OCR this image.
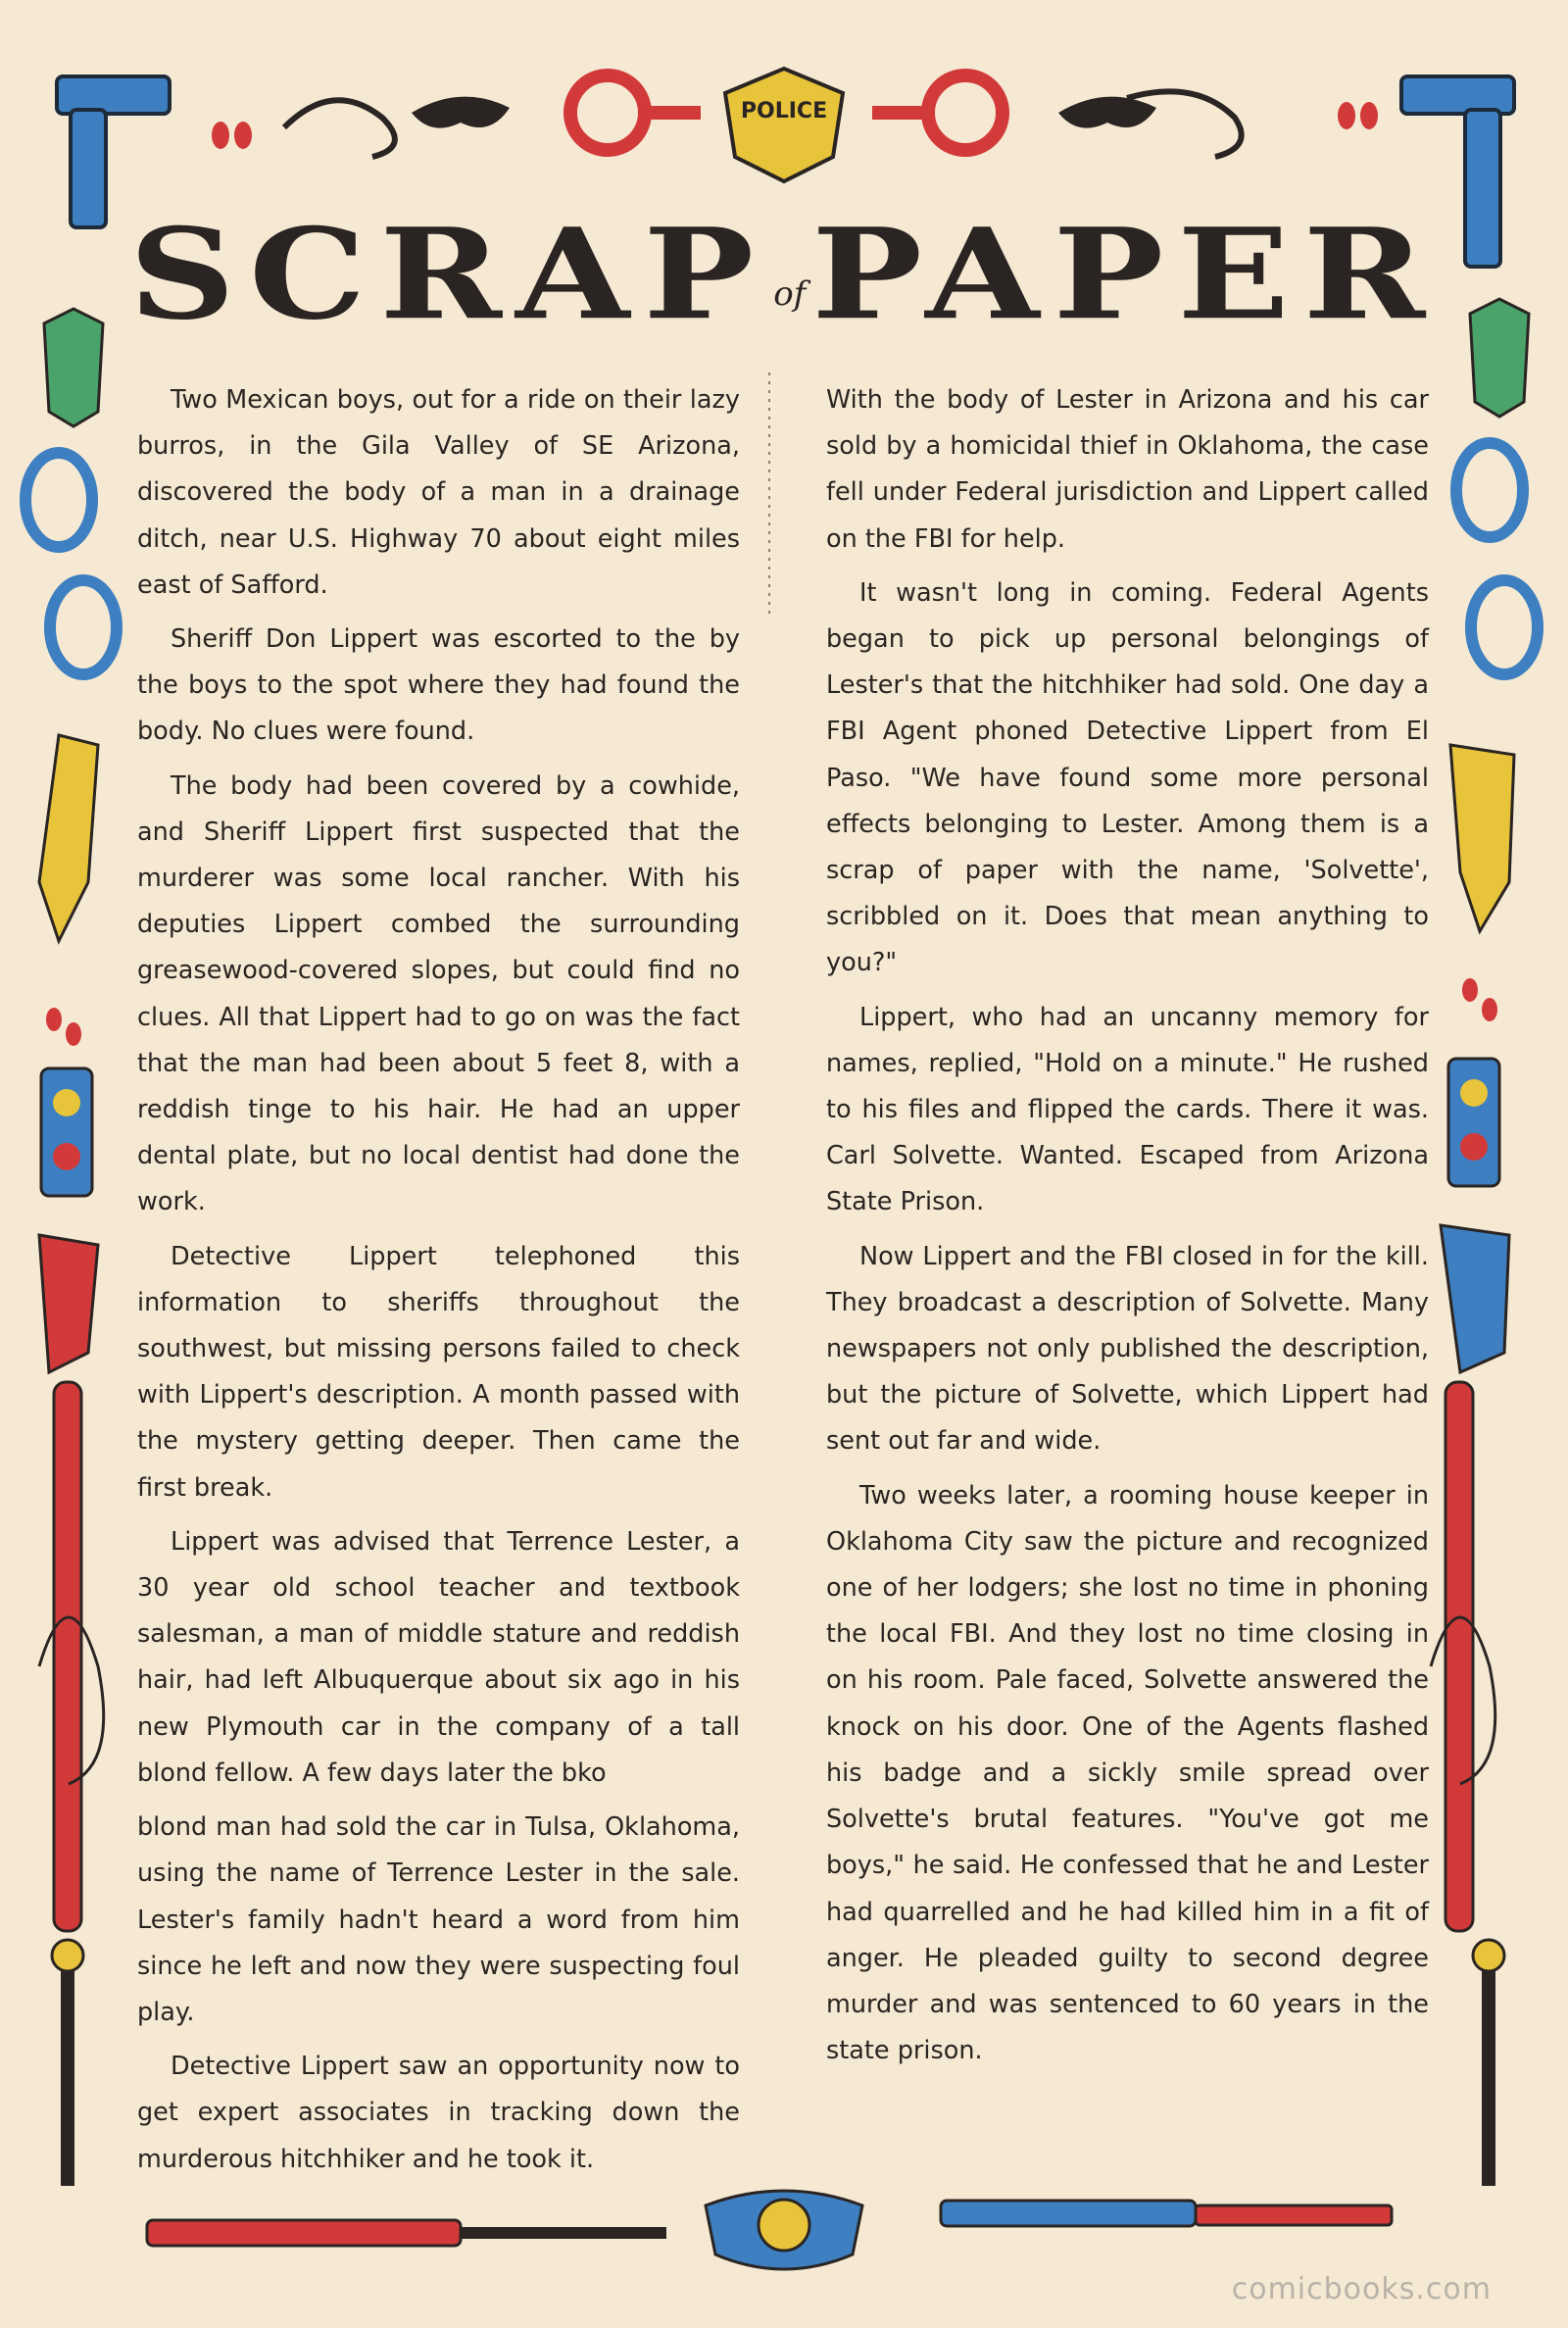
POLICE
SCRAP of PAPER

Two Mexican boys, out for a ride on their lazy burros, in the Gila Valley of SE Arizona, discovered the body of a man in a drainage ditch, near U.S. Highway 70 about eight miles east of Safford.

Sheriff Don Lippert was escorted to the by the boys to the spot where they had found the body. No clues were found.

The body had been covered by a cowhide, and Sheriff Lippert first suspected that the murderer was some local rancher. With his deputies Lippert combed the surrounding greasewood-covered slopes, but could find no clues. All that Lippert had to go on was the fact that the man had been about 5 feet 8, with a reddish tinge to his hair. He had an upper dental plate, but no local dentist had done the work.

Detective Lippert telephoned this information to sheriffs throughout the southwest, but missing persons failed to check with Lippert's description. A month passed with the mystery getting deeper. Then came the first break.

Lippert was advised that Terrence Lester, a 30 year old school teacher and textbook salesman, a man of middle stature and reddish hair, had left Albuquerque about six ago in his new Plymouth car in the company of a tall blond fellow. A few days later the bko

blond man had sold the car in Tulsa, Oklahoma, using the name of Terrence Lester in the sale. Lester's family hadn't heard a word from him since he left and now they were suspecting foul play.

Detective Lippert saw an opportunity now to get expert associates in tracking down the murderous hitchhiker and he took it.

With the body of Lester in Arizona and his car sold by a homicidal thief in Oklahoma, the case fell under Federal jurisdiction and Lippert called on the FBI for help.

It wasn't long in coming. Federal Agents began to pick up personal belongings of Lester's that the hitchhiker had sold. One day a FBI Agent phoned Detective Lippert from El Paso. "We have found some more personal effects belonging to Lester. Among them is a scrap of paper with the name, 'Solvette', scribbled on it. Does that mean anything to you?"

Lippert, who had an uncanny memory for names, replied, "Hold on a minute." He rushed to his files and flipped the cards. There it was. Carl Solvette. Wanted. Escaped from Arizona State Prison.

Now Lippert and the FBI closed in for the kill. They broadcast a description of Solvette. Many newspapers not only published the description, but the picture of Solvette, which Lippert had sent out far and wide.

Two weeks later, a rooming house keeper in Oklahoma City saw the picture and recognized one of her lodgers; she lost no time in phoning the local FBI. And they lost no time closing in on his room. Pale faced, Solvette answered the knock on his door. One of the Agents flashed his badge and a sickly smile spread over Solvette's brutal features. "You've got me boys," he said. He confessed that he and Lester had quarrelled and he had killed him in a fit of anger. He pleaded guilty to second degree murder and was sentenced to 60 years in the state prison.

comicbooks.com
